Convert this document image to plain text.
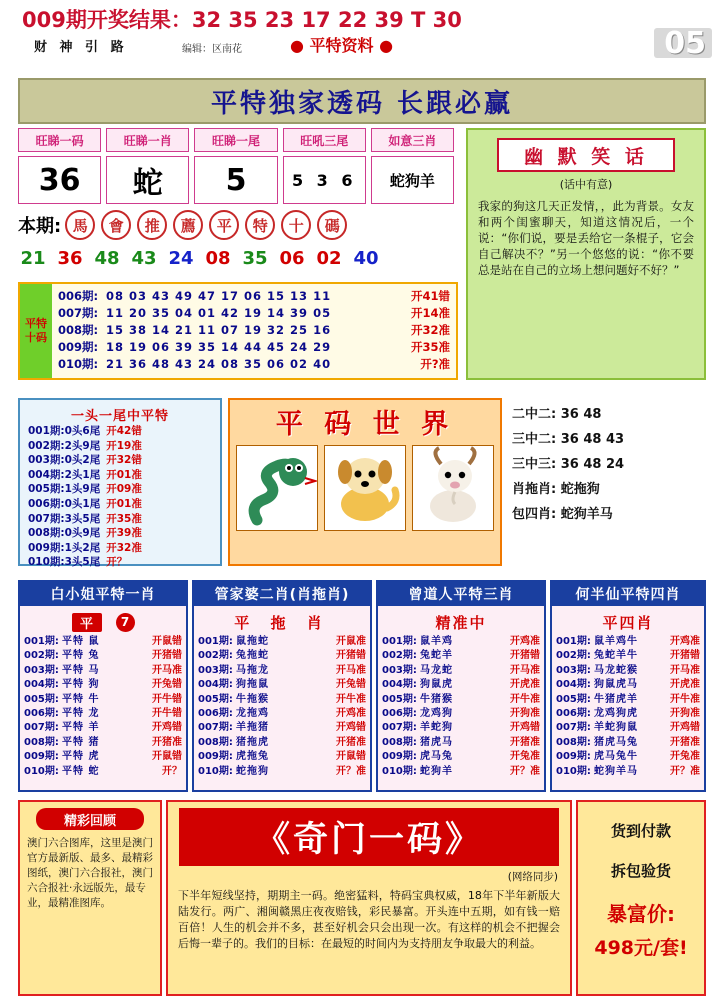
009期开奖结果：32 35 23 17 22 39 T 30
财 神 引 路	编辑：区南花	● 平特资料 ●	05
平特独家透码 长跟必赢
旺睇一码	旺睇一肖	旺睇一尾	旺吼三尾	如意三肖
36	蛇	5	5 3 6	蛇狗羊
本期: 馬	會	推	薦	平	特	十	碼
21 36 48 43 24 08 35 06 02 40
平特十码
006期: 08 03 43 49 47 17 06 15 13 11	开41错
007期: 11 20 35 04 01 42 19 14 39 05	开14准
008期: 15 38 14 21 11 07 19 32 25 16	开32准
009期: 18 19 06 39 35 14 44 45 24 29	开35准
010期: 21 36 48 43 24 08 35 06 02 40	开?准
幽 默 笑 话
(话中有意)
我家的狗这几天正发情，，此为背景。女友和两个闺蜜聊天，知道这情况后，一个说：“你们说，要是丢给它一条棍子，它会自己解决不？”另一个悠悠的说：“你不要总是站在自己的立场上想问题好不好？”
一头一尾中平特
001期:0头6尾 开42错
002期:2头9尾 开19准
003期:0头2尾 开32错
004期:2头1尾 开01准
005期:1头9尾 开09准
006期:0头1尾 开01准
007期:3头5尾 开35准
008期:0头9尾 开39准
009期:1头2尾 开32准
010期:3头5尾 开？
平 码 世 界	二中二: 36 48
三中二: 36 48 43
三中三: 36 48 24
肖拖肖: 蛇拖狗
包四肖: 蛇狗羊马
白小姐平特一肖
平	7
001期: 平特 鼠	开鼠错
002期: 平特 兔	开猪错
003期: 平特 马	开马准
004期: 平特 狗	开兔错
005期: 平特 牛	开牛错
006期: 平特 龙	开牛错
007期: 平特 羊	开鸡错
008期: 平特 猪	开猪准
009期: 平特 虎	开鼠错
010期: 平特 蛇	开？
管家婆二肖(肖拖肖)
平 拖 肖
001期: 鼠拖蛇	开鼠准
002期: 兔拖蛇	开猪错
003期: 马拖龙	开马准
004期: 狗拖鼠	开兔错
005期: 牛拖猴	开牛准
006期: 龙拖鸡	开鸡准
007期: 羊拖猪	开鸡错
008期: 猪拖虎	开猪准
009期: 虎拖兔	开鼠错
010期: 蛇拖狗	开？准
曾道人平特三肖
精准中
001期: 鼠羊鸡	开鸡准
002期: 兔蛇羊	开猪错
003期: 马龙蛇	开马准
004期: 狗鼠虎	开虎准
005期: 牛猪猴	开牛准
006期: 龙鸡狗	开狗准
007期: 羊蛇狗	开鸡错
008期: 猪虎马	开猪准
009期: 虎马兔	开兔准
010期: 蛇狗羊	开？准
何半仙平特四肖
平四肖
001期: 鼠羊鸡牛	开鸡准
002期: 兔蛇羊牛	开猪错
003期: 马龙蛇猴	开马准
004期: 狗鼠虎马	开虎准
005期: 牛猪虎羊	开牛准
006期: 龙鸡狗虎	开狗准
007期: 羊蛇狗鼠	开鸡错
008期: 猪虎马兔	开猪准
009期: 虎马兔牛	开兔准
010期: 蛇狗羊马	开？准
精彩回顾
澳门六合图库，这里是澳门官方最新版、最多、最精彩图纸，澳门六合报社，澳门六合报社·永远版先，最专业，最精准图库。
《奇门一码》
(网络同步)
下半年短线坚持，期期主一码。绝密猛料，特码宝典权威，18年下半年新版大陆发行。两广、湘闽赣黑庄夜夜赔钱，彩民暴富。开头连中五期，如有钱一赔百倍！人生的机会并不多，甚至好机会只会出现一次。有这样的机会不把握会后悔一辈子的。我们的目标：在最短的时间内为支持朋友争取最大的利益。
货到付款
拆包验货
暴富价:
498元/套!
